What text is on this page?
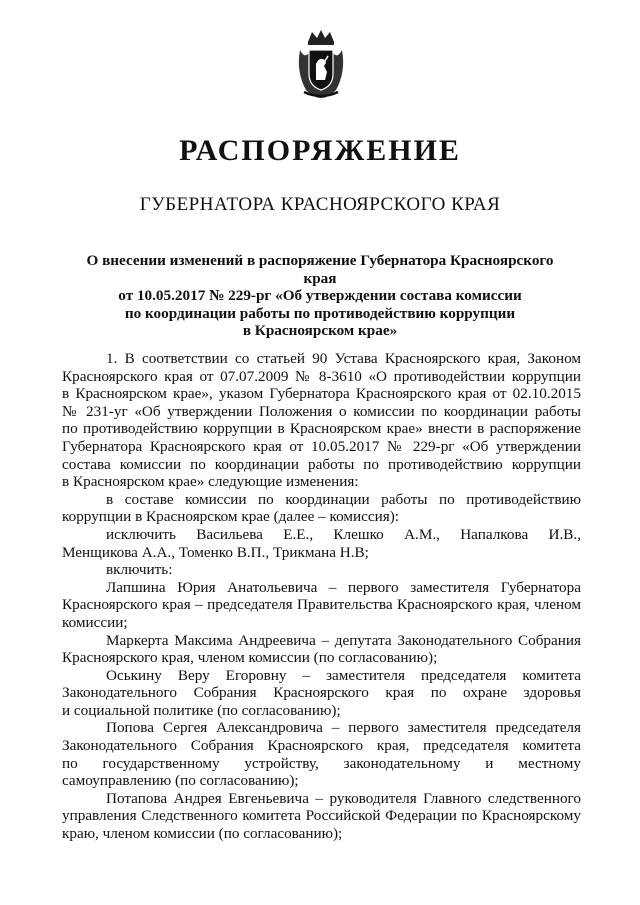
РАСПОРЯЖЕНИЕ
ГУБЕРНАТОРА КРАСНОЯРСКОГО КРАЯ
О внесении изменений в распоряжение Губернатора Красноярского края
от 10.05.2017 № 229-рг «Об утверждении состава комиссии
по координации работы по противодействию коррупции
в Красноярском крае»

1. В соответствии со статьей 90 Устава Красноярского края, Законом

Красноярского края от 07.07.2009 № 8-3610 «О противодействии коррупции

в Красноярском крае», указом Губернатора Красноярского края от 02.10.2015

№ 231-уг «Об утверждении Положения о комиссии по координации работы

по противодействию коррупции в Красноярском крае» внести в распоряжение

Губернатора Красноярского края от 10.05.2017 № 229-рг «Об утверждении

состава комиссии по координации работы по противодействию коррупции

в Красноярском крае» следующие изменения:

в составе комиссии по координации работы по противодействию

коррупции в Красноярском крае (далее – комиссия):

исключить Васильева Е.Е., Клешко А.М., Напалкова И.В.,

Менщикова А.А., Томенко В.П., Трикмана Н.В;

включить:

Лапшина Юрия Анатольевича – первого заместителя Губернатора

Красноярского края – председателя Правительства Красноярского края, членом

комиссии;

Маркерта Максима Андреевича – депутата Законодательного Собрания

Красноярского края, членом комиссии (по согласованию);

Оськину Веру Егоровну – заместителя председателя комитета

Законодательного Собрания Красноярского края по охране здоровья

и социальной политике (по согласованию);

Попова Сергея Александровича – первого заместителя председателя

Законодательного Собрания Красноярского края, председателя комитета

по государственному устройству, законодательному и местному

самоуправлению (по согласованию);

Потапова Андрея Евгеньевича – руководителя Главного следственного

управления Следственного комитета Российской Федерации по Красноярскому

краю, членом комиссии (по согласованию);
